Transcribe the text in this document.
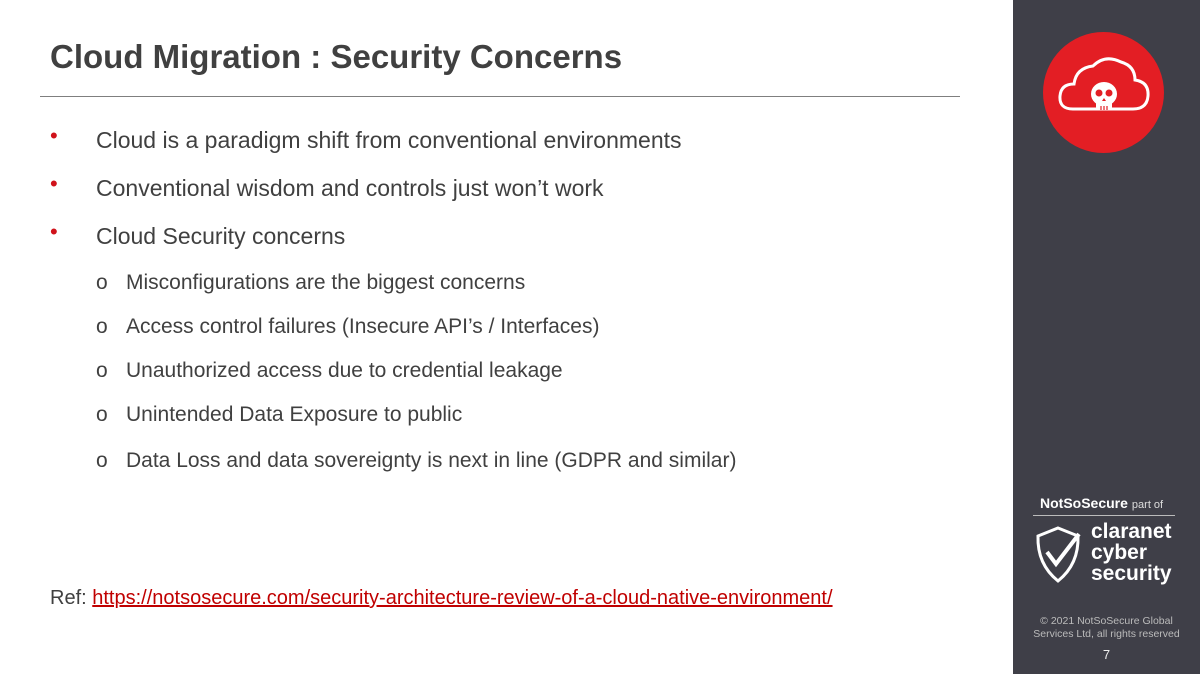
Cloud Migration : Security Concerns
• Cloud is a paradigm shift from conventional environments
• Conventional wisdom and controls just won’t work
• Cloud Security concerns
o Misconfigurations are the biggest concerns
o Access control failures (Insecure API’s / Interfaces)
o Unauthorized access due to credential leakage
o Unintended Data Exposure to public
o Data Loss and data sovereignty is next in line (GDPR and similar)
Ref: https://notsosecure.com/security-architecture-review-of-a-cloud-native-environment/
NotSoSecure part of
claranet
cyber
security
© 2021 NotSoSecure Global Services Ltd, all rights reserved
7
